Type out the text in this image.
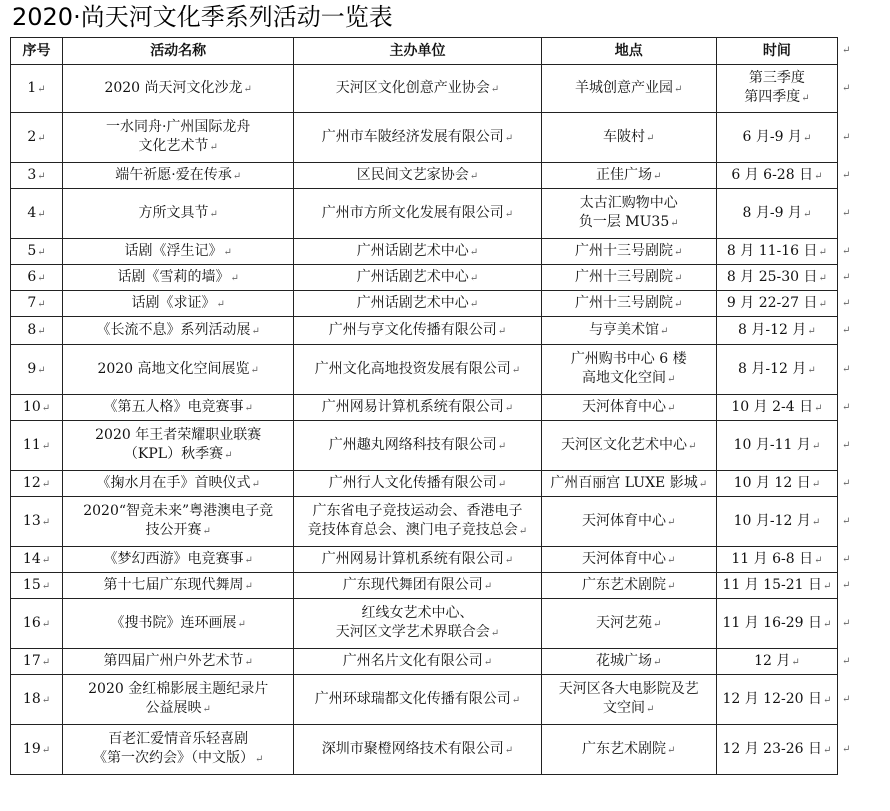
2020·尚天河文化季系列活动一览表
序号	活动名称	主办单位	地点	时间
1↵	2020 尚天河文化沙龙↵	天河区文化创意产业协会↵	羊城创意产业园↵	第三季度
第四季度↵
2↵	一水同舟·广州国际龙舟
文化艺术节↵	广州市车陂经济发展有限公司↵	车陂村↵	6 月-9 月↵
3↵	端午祈愿·爱在传承↵	区民间文艺家协会↵	正佳广场↵	6 月 6-28 日↵
4↵	方所文具节↵	广州市方所文化发展有限公司↵	太古汇购物中心
负一层 MU35↵	8 月-9 月↵
5↵	话剧《浮生记》↵	广州话剧艺术中心↵	广州十三号剧院↵	8 月 11-16 日↵
6↵	话剧《雪莉的墙》↵	广州话剧艺术中心↵	广州十三号剧院↵	8 月 25-30 日↵
7↵	话剧《求证》↵	广州话剧艺术中心↵	广州十三号剧院↵	9 月 22-27 日↵
8↵	《长流不息》系列活动展↵	广州与亨文化传播有限公司↵	与亨美术馆↵	8 月-12 月↵
9↵	2020 高地文化空间展览↵	广州文化高地投资发展有限公司↵	广州购书中心 6 楼
高地文化空间↵	8 月-12 月↵
10↵	《第五人格》电竞赛事↵	广州网易计算机系统有限公司↵	天河体育中心↵	10 月 2-4 日↵
11↵	2020 年王者荣耀职业联赛
（KPL）秋季赛↵	广州趣丸网络科技有限公司↵	天河区文化艺术中心↵	10 月-11 月↵
12↵	《掬水月在手》首映仪式↵	广州行人文化传播有限公司↵	广州百丽宫 LUXE 影城↵	10 月 12 日↵
13↵	2020“智竞未来”粤港澳电子竞
技公开赛↵	广东省电子竞技运动会、香港电子
竞技体育总会、澳门电子竞技总会↵	天河体育中心↵	10 月-12 月↵
14↵	《梦幻西游》电竞赛事↵	广州网易计算机系统有限公司↵	天河体育中心↵	11 月 6-8 日↵
15↵	第十七届广东现代舞周↵	广东现代舞团有限公司↵	广东艺术剧院↵	11 月 15-21 日↵
16↵	《搜书院》连环画展↵	红线女艺术中心、
天河区文学艺术界联合会↵	天河艺苑↵	11 月 16-29 日↵
17↵	第四届广州户外艺术节↵	广州名片文化有限公司↵	花城广场↵	12 月↵
18↵	2020 金红棉影展主题纪录片
公益展映↵	广州环球瑞都文化传播有限公司↵	天河区各大电影院及艺
文空间↵	12 月 12-20 日↵
19↵	百老汇爱情音乐轻喜剧
《第一次约会》（中文版）↵	深圳市聚橙网络技术有限公司↵	广东艺术剧院↵	12 月 23-26 日↵
↵
↵
↵
↵
↵
↵
↵
↵
↵
↵
↵
↵
↵
↵
↵
↵
↵
↵
↵
↵
